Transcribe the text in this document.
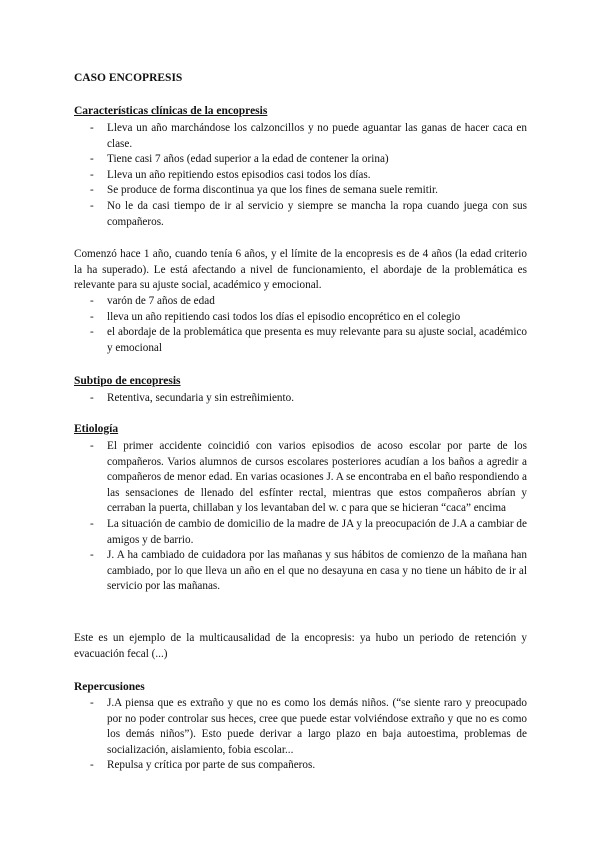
CASO ENCOPRESIS
Características clínicas de la encopresis
- Lleva un año marchándose los calzoncillos y no puede aguantar las ganas de hacer caca en clase.
- Tiene casi 7 años (edad superior a la edad de contener la orina)
- Lleva un año repitiendo estos episodios casi todos los días.
- Se produce de forma discontinua ya que los fines de semana suele remitir.
- No le da casi tiempo de ir al servicio y siempre se mancha la ropa cuando juega con sus compañeros.

Comenzó hace 1 año, cuando tenía 6 años, y el límite de la encopresis es de 4 años (la edad criterio la ha superado). Le está afectando a nivel de funcionamiento, el abordaje de la problemática es relevante para su ajuste social, académico y emocional.

- varón de 7 años de edad
- lleva un año repitiendo casi todos los días el episodio encoprético en el colegio
- el abordaje de la problemática que presenta es muy relevante para su ajuste social, académico y emocional
Subtipo de encopresis
- Retentiva, secundaria y sin estreñimiento.
Etiología
- El primer accidente coincidió con varios episodios de acoso escolar por parte de los compañeros. Varios alumnos de cursos escolares posteriores acudían a los baños a agredir a compañeros de menor edad. En varias ocasiones J. A se encontraba en el baño respondiendo a las sensaciones de llenado del esfínter rectal, mientras que estos compañeros abrían y cerraban la puerta, chillaban y los levantaban del w. c para que se hicieran “caca” encima
- La situación de cambio de domicilio de la madre de JA y la preocupación de J.A a cambiar de amigos y de barrio.
- J. A ha cambiado de cuidadora por las mañanas y sus hábitos de comienzo de la mañana han cambiado, por lo que lleva un año en el que no desayuna en casa y no tiene un hábito de ir al servicio por las mañanas.

Este es un ejemplo de la multicausalidad de la encopresis: ya hubo un periodo de retención y evacuación fecal (...)

Repercusiones
- J.A piensa que es extraño y que no es como los demás niños. (“se siente raro y preocupado por no poder controlar sus heces, cree que puede estar volviéndose extraño y que no es como los demás niños”). Esto puede derivar a largo plazo en baja autoestima, problemas de socialización, aislamiento, fobia escolar...
- Repulsa y crítica por parte de sus compañeros.
